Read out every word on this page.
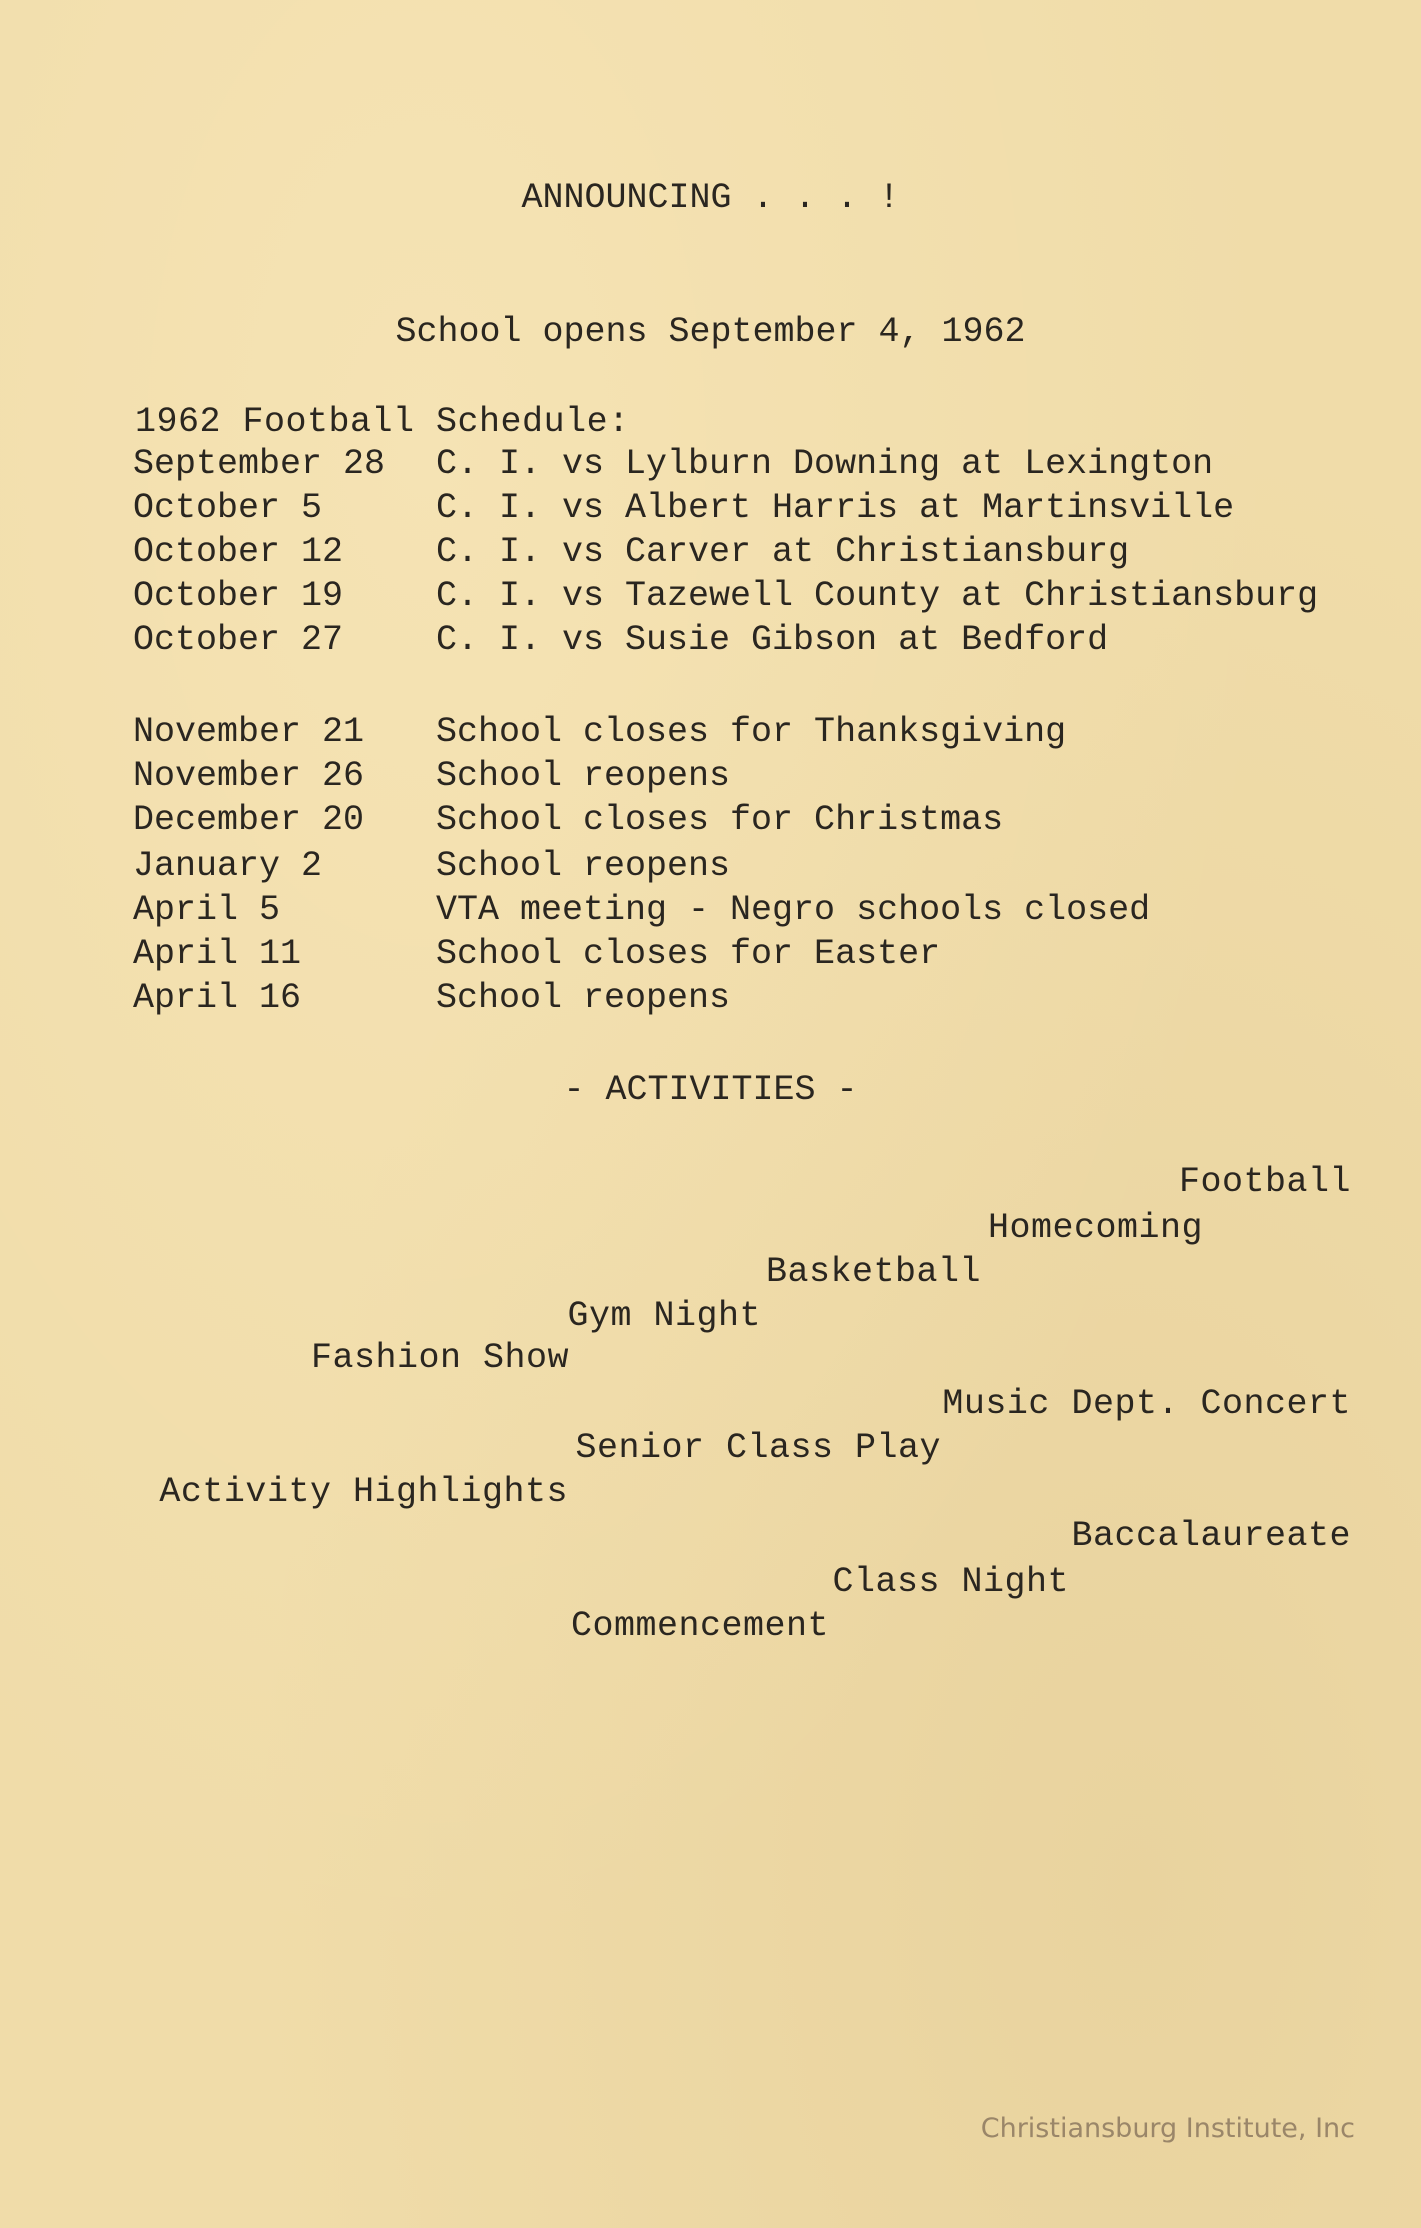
ANNOUNCING . . . !
School opens September 4, 1962
1962 Football Schedule:
September 28 C. I. vs Lylburn Downing at Lexington
October 5	C. I. vs Albert Harris at Martinsville
October 12	C. I. vs Carver at Christiansburg
October 19	C. I. vs Tazewell County at Christiansburg
October 27	C. I. vs Susie Gibson at Bedford
November 21 School closes for Thanksgiving
November 26 School reopens
December 20 School closes for Christmas
January 2	School reopens
April 5	VTA meeting - Negro schools closed
April 11	School closes for Easter
April 16	School reopens
- ACTIVITIES -
Football
Homecoming
Basketball
Gym Night
Fashion Show
Music Dept. Concert
Senior Class Play
Activity Highlights
Baccalaureate
Class Night
Commencement
Christiansburg Institute, Inc
